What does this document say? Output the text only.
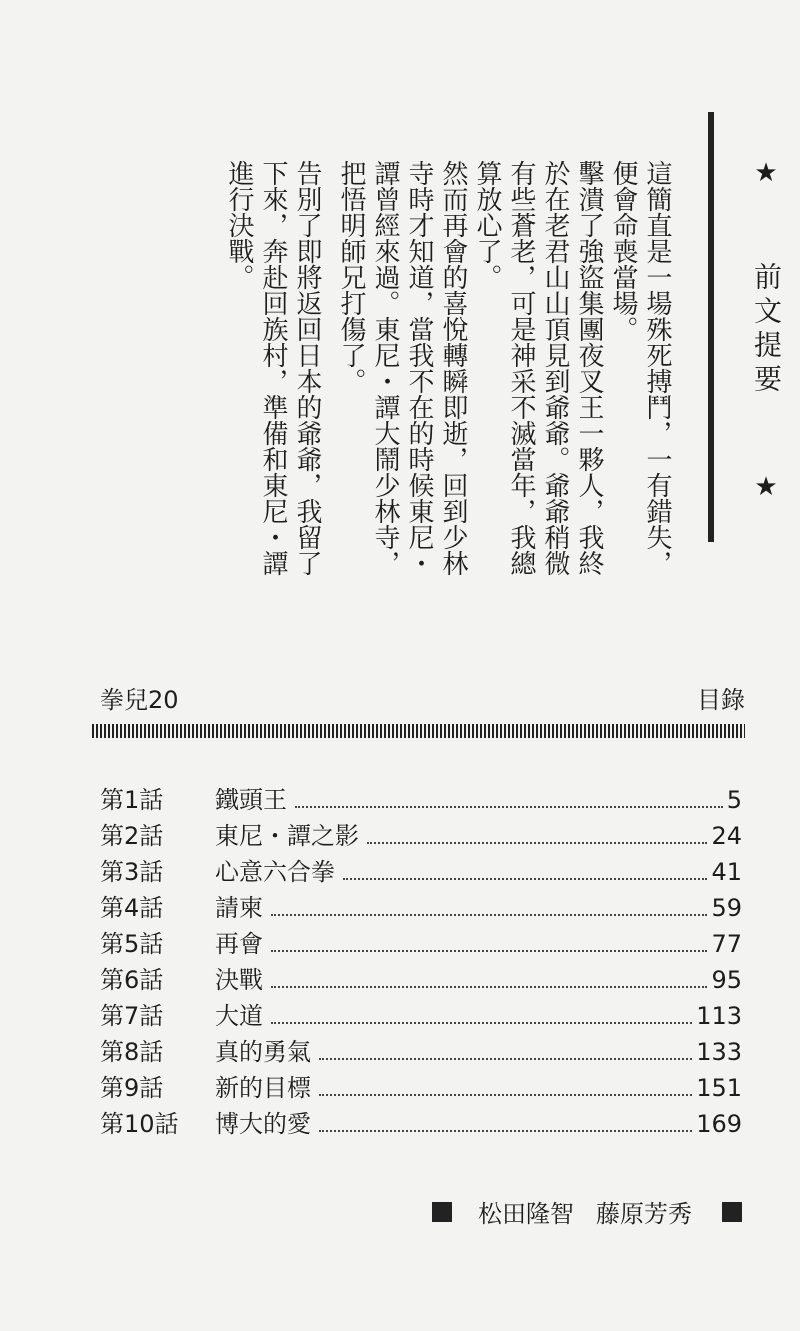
★
前文提要
★

這簡直是一場殊死搏鬥，一有錯失，便會命喪當場。

擊潰了強盜集團夜叉王一夥人，我終於在老君山山頂見到爺爺。爺爺稍微有些蒼老，可是神采不滅當年，我總算放心了。

然而再會的喜悅轉瞬即逝，回到少林寺時才知道，當我不在的時候東尼・譚曾經來過。東尼・譚大鬧少林寺，把悟明師兄打傷了。

告別了即將返回日本的爺爺，我留了下來，奔赴回族村，準備和東尼・譚進行決戰。

拳兒20	目錄
第1話	鐵頭王	5
第2話	東尼・譚之影	24
第3話	心意六合拳	41
第4話	請柬	59
第5話	再會	77
第6話	決戰	95
第7話	大道	113
第8話	真的勇氣	133
第9話	新的目標	151
第10話	博大的愛	169
松田隆智 藤原芳秀
